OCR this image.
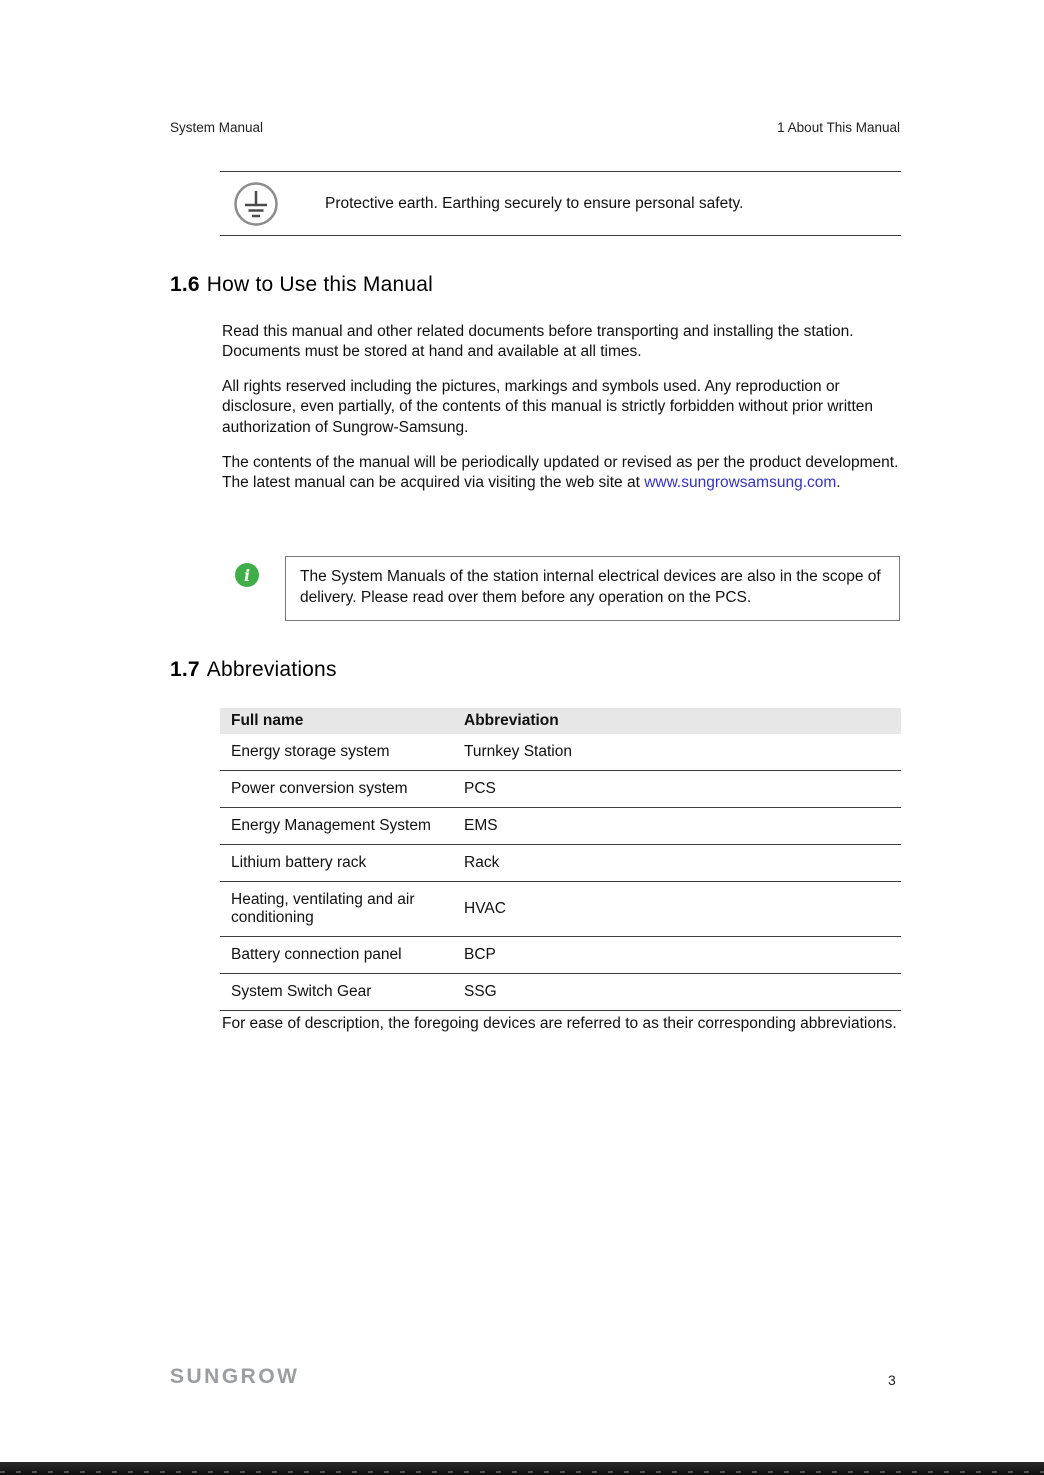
System Manual	1 About This Manual
Protective earth. Earthing securely to ensure personal safety.
1.6 How to Use this Manual

Read this manual and other related documents before transporting and installing the station. Documents must be stored at hand and available at all times.

All rights reserved including the pictures, markings and symbols used. Any reproduction or disclosure, even partially, of the contents of this manual is strictly forbidden without prior written authorization of Sungrow-Samsung.

The contents of the manual will be periodically updated or revised as per the product development. The latest manual can be acquired via visiting the web site at www.sungrowsamsung.com.

i	The System Manuals of the station internal electrical devices are also in the scope of delivery. Please read over them before any operation on the PCS.
1.7 Abbreviations
Full name	Abbreviation
Energy storage system	Turnkey Station
Power conversion system	PCS
Energy Management System	EMS
Lithium battery rack	Rack
Heating, ventilating and air conditioning	HVAC
Battery connection panel	BCP
System Switch Gear	SSG
For ease of description, the foregoing devices are referred to as their corresponding abbreviations.
SUNGROW	3
